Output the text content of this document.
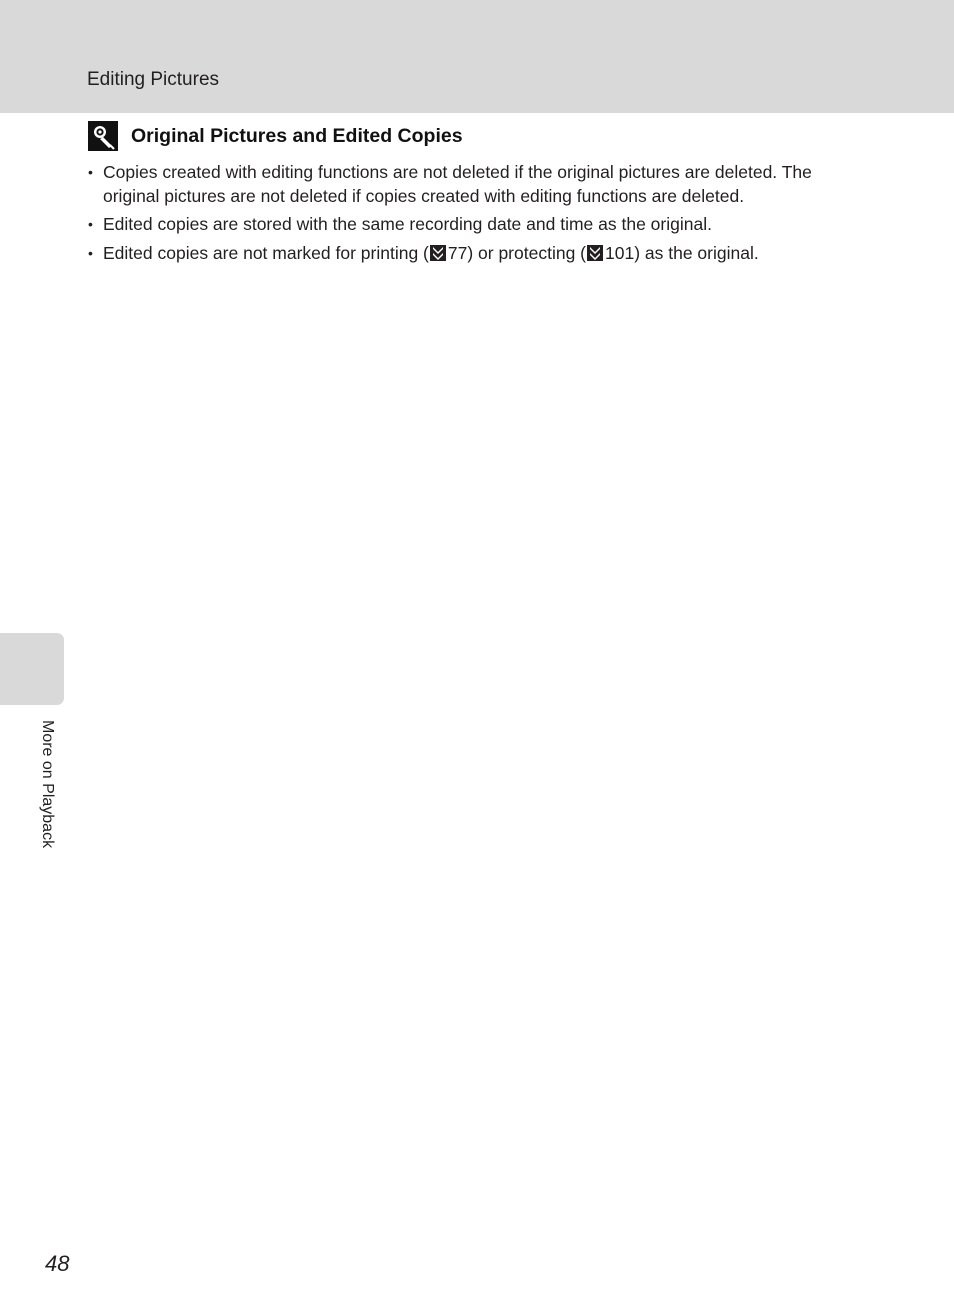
Editing Pictures
Original Pictures and Edited Copies
• Copies created with editing functions are not deleted if the original pictures are deleted. The original pictures are not deleted if copies created with editing functions are deleted.
• Edited copies are stored with the same recording date and time as the original.
• Edited copies are not marked for printing ( 77) or protecting ( 101) as the original.
More on Playback
48
